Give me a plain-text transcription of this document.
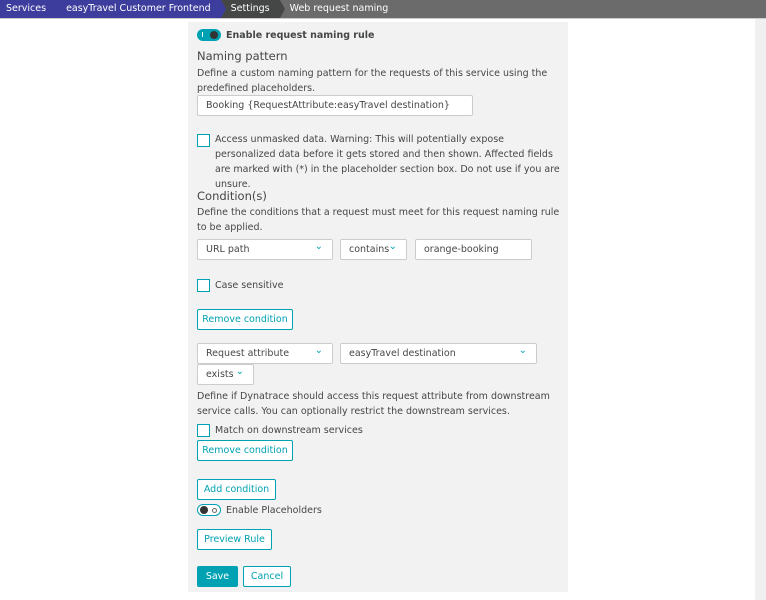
Services	easyTravel Customer Frontend	Settings	Web request naming
Enable request naming rule
Naming pattern
Define a custom naming pattern for the requests of this service using the predefined placeholders.
Booking {RequestAttribute:easyTravel destination}
Access unmasked data. Warning: This will potentially expose personalized data before it gets stored and then shown. Affected fields are marked with (*) in the placeholder section box. Do not use if you are unsure.
Condition(s)
Define the conditions that a request must meet for this request naming rule to be applied.
URL path ⌄	contains ⌄	orange-booking
Case sensitive
Remove condition
Request attribute ⌄	easyTravel destination ⌄
exists ⌄
Define if Dynatrace should access this request attribute from downstream service calls. You can optionally restrict the downstream services.
Match on downstream services
Remove condition
Add condition
Enable Placeholders
Preview Rule
Save	Cancel
